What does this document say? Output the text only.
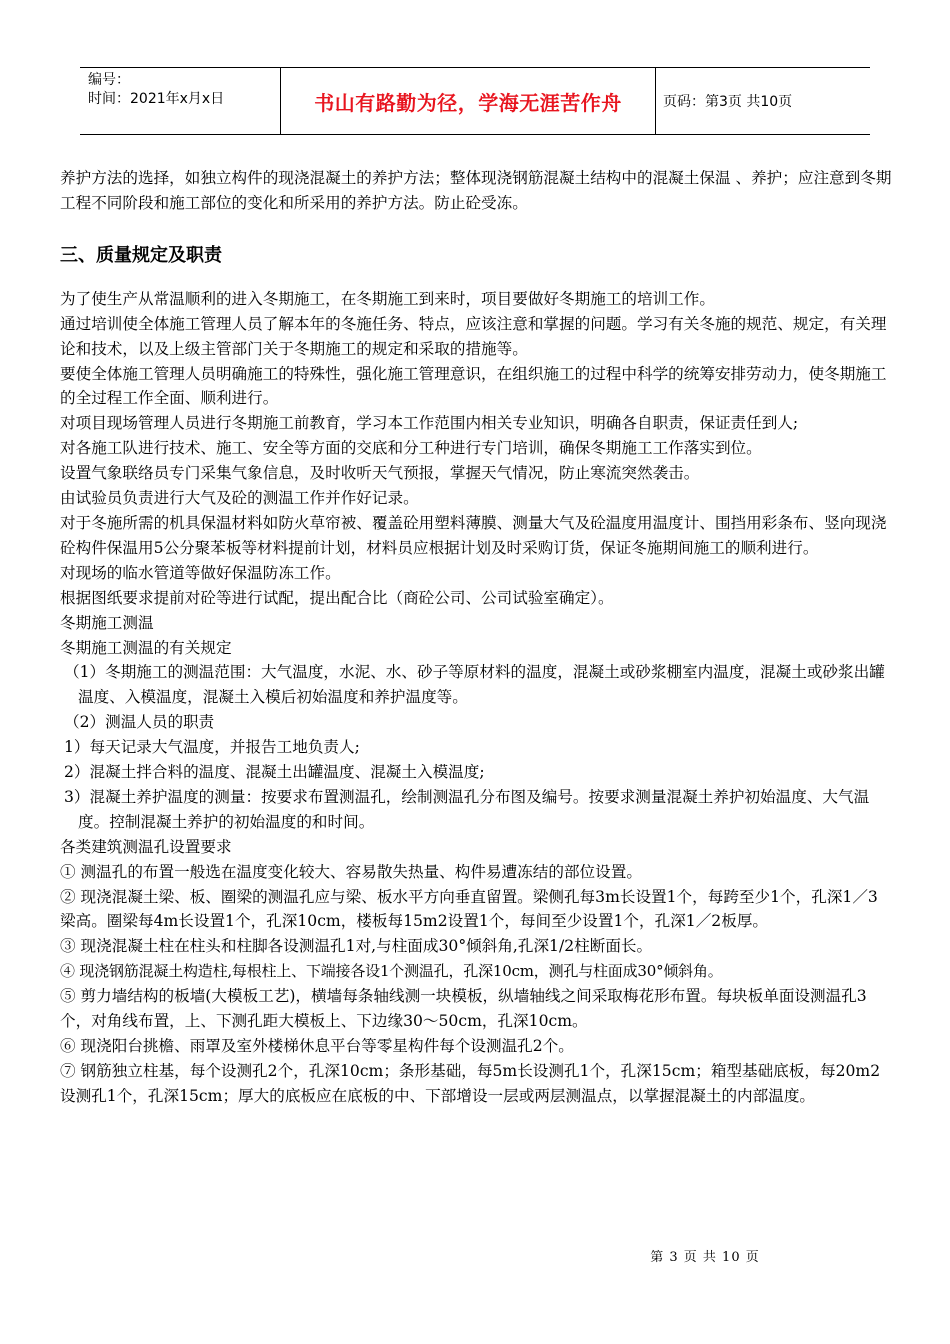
编号：
时间：2021年x月x日	书山有路勤为径，学海无涯苦作舟	页码：第3页 共10页

养护方法的选择，如独立构件的现浇混凝土的养护方法；整体现浇钢筋混凝土结构中的混凝土保温 、养护；应注意到冬期工程不同阶段和施工部位的变化和所采用的养护方法。防止砼受冻。

三、质量规定及职责

为了使生产从常温顺利的进入冬期施工，在冬期施工到来时，项目要做好冬期施工的培训工作。

通过培训使全体施工管理人员了解本年的冬施任务、特点，应该注意和掌握的问题。学习有关冬施的规范、规定，有关理论和技术，以及上级主管部门关于冬期施工的规定和采取的措施等。

要使全体施工管理人员明确施工的特殊性，强化施工管理意识，在组织施工的过程中科学的统筹安排劳动力，使冬期施工的全过程工作全面、顺利进行。

对项目现场管理人员进行冬期施工前教育，学习本工作范围内相关专业知识，明确各自职责，保证责任到人;

对各施工队进行技术、施工、安全等方面的交底和分工种进行专门培训，确保冬期施工工作落实到位。

设置气象联络员专门采集气象信息，及时收听天气预报，掌握天气情况，防止寒流突然袭击。

由试验员负责进行大气及砼的测温工作并作好记录。

对于冬施所需的机具保温材料如防火草帘被、覆盖砼用塑料薄膜、测量大气及砼温度用温度计、围挡用彩条布、竖向现浇砼构件保温用5公分聚苯板等材料提前计划，材料员应根据计划及时采购订货，保证冬施期间施工的顺利进行。

对现场的临水管道等做好保温防冻工作。

根据图纸要求提前对砼等进行试配，提出配合比（商砼公司、公司试验室确定）。

冬期施工测温

冬期施工测温的有关规定

（1）冬期施工的测温范围：大气温度，水泥、水、砂子等原材料的温度，混凝土或砂浆棚室内温度，混凝土或砂浆出罐温度、入模温度，混凝土入模后初始温度和养护温度等。

（2）测温人员的职责

1）每天记录大气温度，并报告工地负责人;

2）混凝土拌合料的温度、混凝土出罐温度、混凝土入模温度;

3）混凝土养护温度的测量：按要求布置测温孔，绘制测温孔分布图及编号。按要求测量混凝土养护初始温度、大气温度。控制混凝土养护的初始温度的和时间。

各类建筑测温孔设置要求

① 测温孔的布置一般选在温度变化较大、容易散失热量、构件易遭冻结的部位设置。

② 现浇混凝土梁、板、圈梁的测温孔应与梁、板水平方向垂直留置。梁侧孔每3m长设置1个，每跨至少1个，孔深1／3梁高。圈梁每4m长设置1个，孔深10cm，楼板每15m2设置1个，每间至少设置1个，孔深1／2板厚。

③ 现浇混凝土柱在柱头和柱脚各设测温孔1对,与柱面成30°倾斜角,孔深1/2柱断面长。

④ 现浇钢筋混凝土构造柱,每根柱上、下端接各设1个测温孔，孔深10cm，测孔与柱面成30°倾斜角。

⑤ 剪力墙结构的板墙(大模板工艺)，横墙每条轴线测一块模板，纵墙轴线之间采取梅花形布置。每块板单面设测温孔3个，对角线布置，上、下测孔距大模板上、下边缘30～50cm，孔深10cm。

⑥ 现浇阳台挑檐、雨罩及室外楼梯休息平台等零星构件每个设测温孔2个。

⑦ 钢筋独立柱基，每个设测孔2个，孔深10cm；条形基础，每5m长设测孔1个，孔深15cm；箱型基础底板，每20m2设测孔1个，孔深15cm；厚大的底板应在底板的中、下部增设一层或两层测温点，以掌握混凝土的内部温度。

第 3 页 共 10 页
